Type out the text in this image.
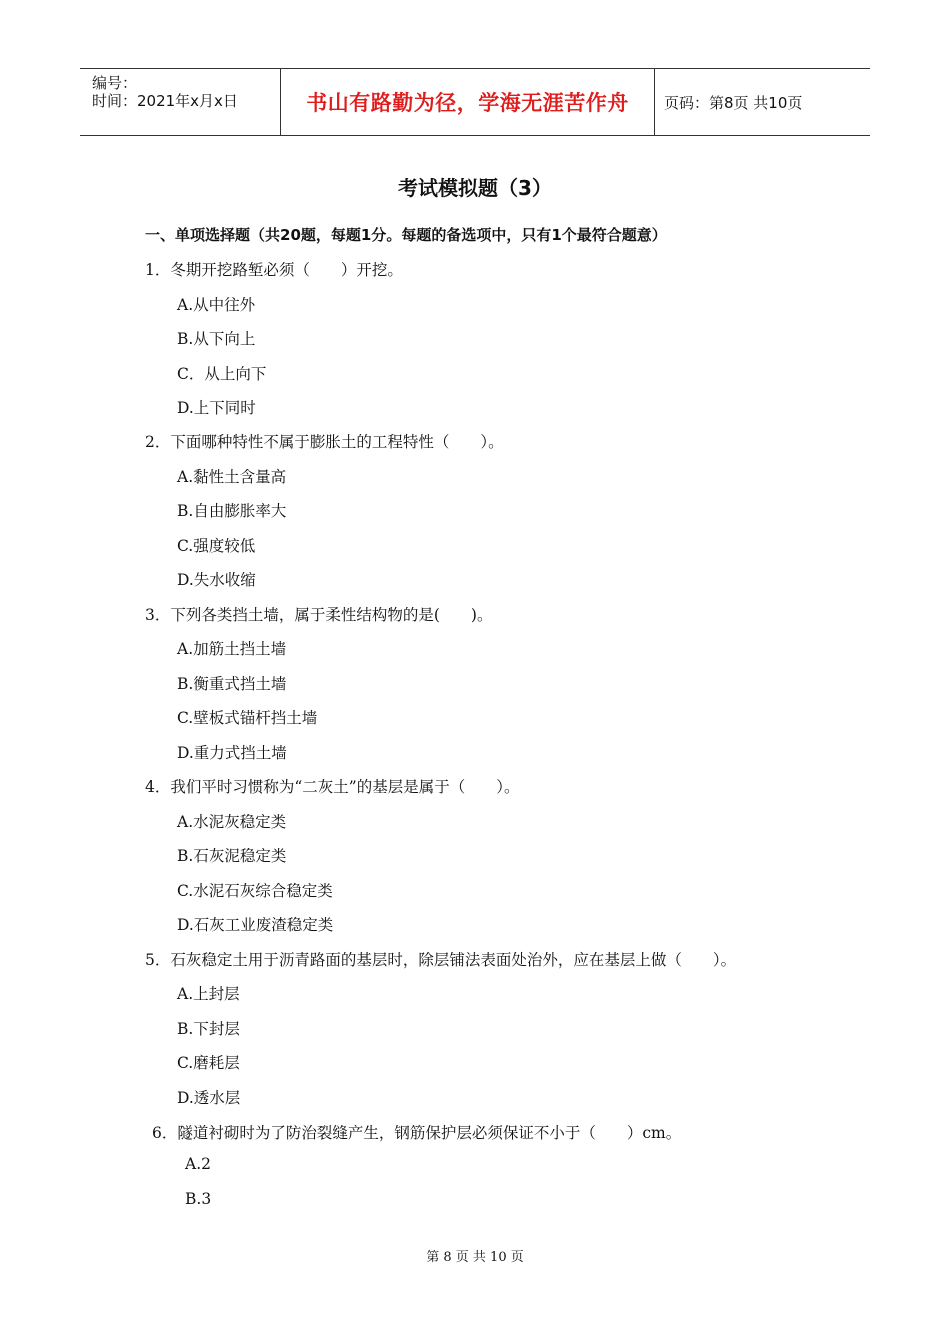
编号：
时间：2021年x月x日	书山有路勤为径，学海无涯苦作舟	页码：第8页 共10页
考试模拟题（3）
一、单项选择题（共20题，每题1分。每题的备选项中，只有1个最符合题意）
1．冬期开挖路堑必须（　　）开挖。
A.从中往外
B.从下向上
C．从上向下
D.上下同时
2．下面哪种特性不属于膨胀土的工程特性（　　）。
A.黏性土含量高
B.自由膨胀率大
C.强度较低
D.失水收缩
3．下列各类挡土墙，属于柔性结构物的是(　　)。
A.加筋土挡土墙
B.衡重式挡土墙
C.壁板式锚杆挡土墙
D.重力式挡土墙
4．我们平时习惯称为“二灰土”的基层是属于（　　）。
A.水泥灰稳定类
B.石灰泥稳定类
C.水泥石灰综合稳定类
D.石灰工业废渣稳定类
5．石灰稳定土用于沥青路面的基层时，除层铺法表面处治外，应在基层上做（　　）。
A.上封层
B.下封层
C.磨耗层
D.透水层
6．隧道衬砌时为了防治裂缝产生，钢筋保护层必须保证不小于（　　）cm。
A.2
B.3
第 8 页 共 10 页
